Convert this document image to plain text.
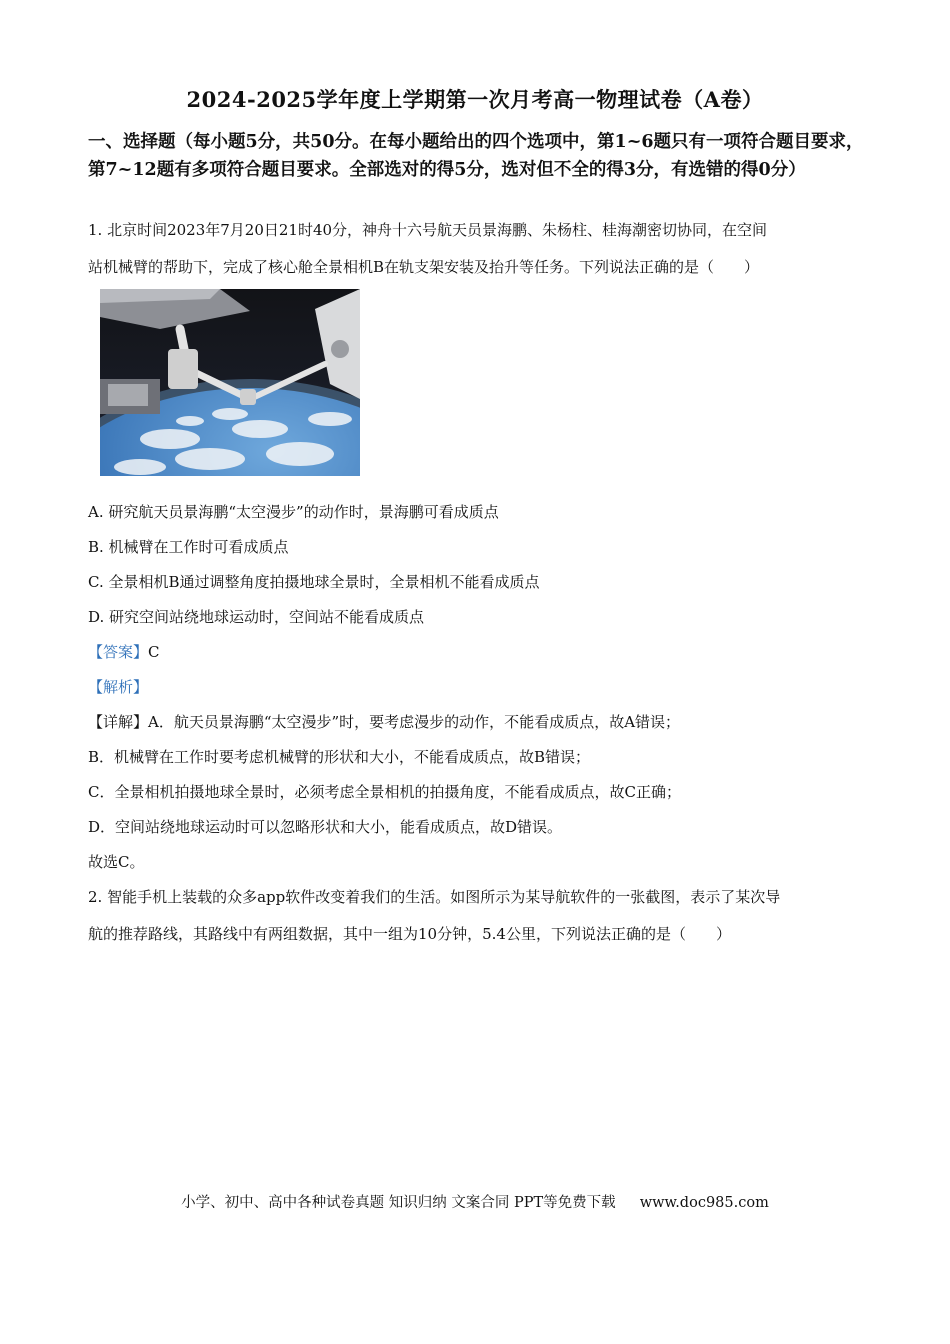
2024-2025学年度上学期第一次月考高一物理试卷（A卷）
一、选择题（每小题5分，共50分。在每小题给出的四个选项中，第1~6题只有一项符合题目要求，第7~12题有多项符合题目要求。全部选对的得5分，选对但不全的得3分，有选错的得0分）
1. 北京时间2023年7月20日21时40分，神舟十六号航天员景海鹏、朱杨柱、桂海潮密切协同，在空间
站机械臂的帮助下，完成了核心舱全景相机B在轨支架安装及抬升等任务。下列说法正确的是（　　）
A. 研究航天员景海鹏“太空漫步”的动作时，景海鹏可看成质点
B. 机械臂在工作时可看成质点
C. 全景相机B通过调整角度拍摄地球全景时，全景相机不能看成质点
D. 研究空间站绕地球运动时，空间站不能看成质点
【答案】C
【解析】
【详解】A．航天员景海鹏“太空漫步”时，要考虑漫步的动作，不能看成质点，故A错误；
B．机械臂在工作时要考虑机械臂的形状和大小，不能看成质点，故B错误；
C．全景相机拍摄地球全景时，必须考虑全景相机的拍摄角度，不能看成质点，故C正确；
D．空间站绕地球运动时可以忽略形状和大小，能看成质点，故D错误。
故选C。
2. 智能手机上装载的众多app软件改变着我们的生活。如图所示为某导航软件的一张截图，表示了某次导
航的推荐路线，其路线中有两组数据，其中一组为10分钟，5.4公里，下列说法正确的是（　　）
小学、初中、高中各种试卷真题 知识归纳 文案合同 PPT等免费下载 www.doc985.com
